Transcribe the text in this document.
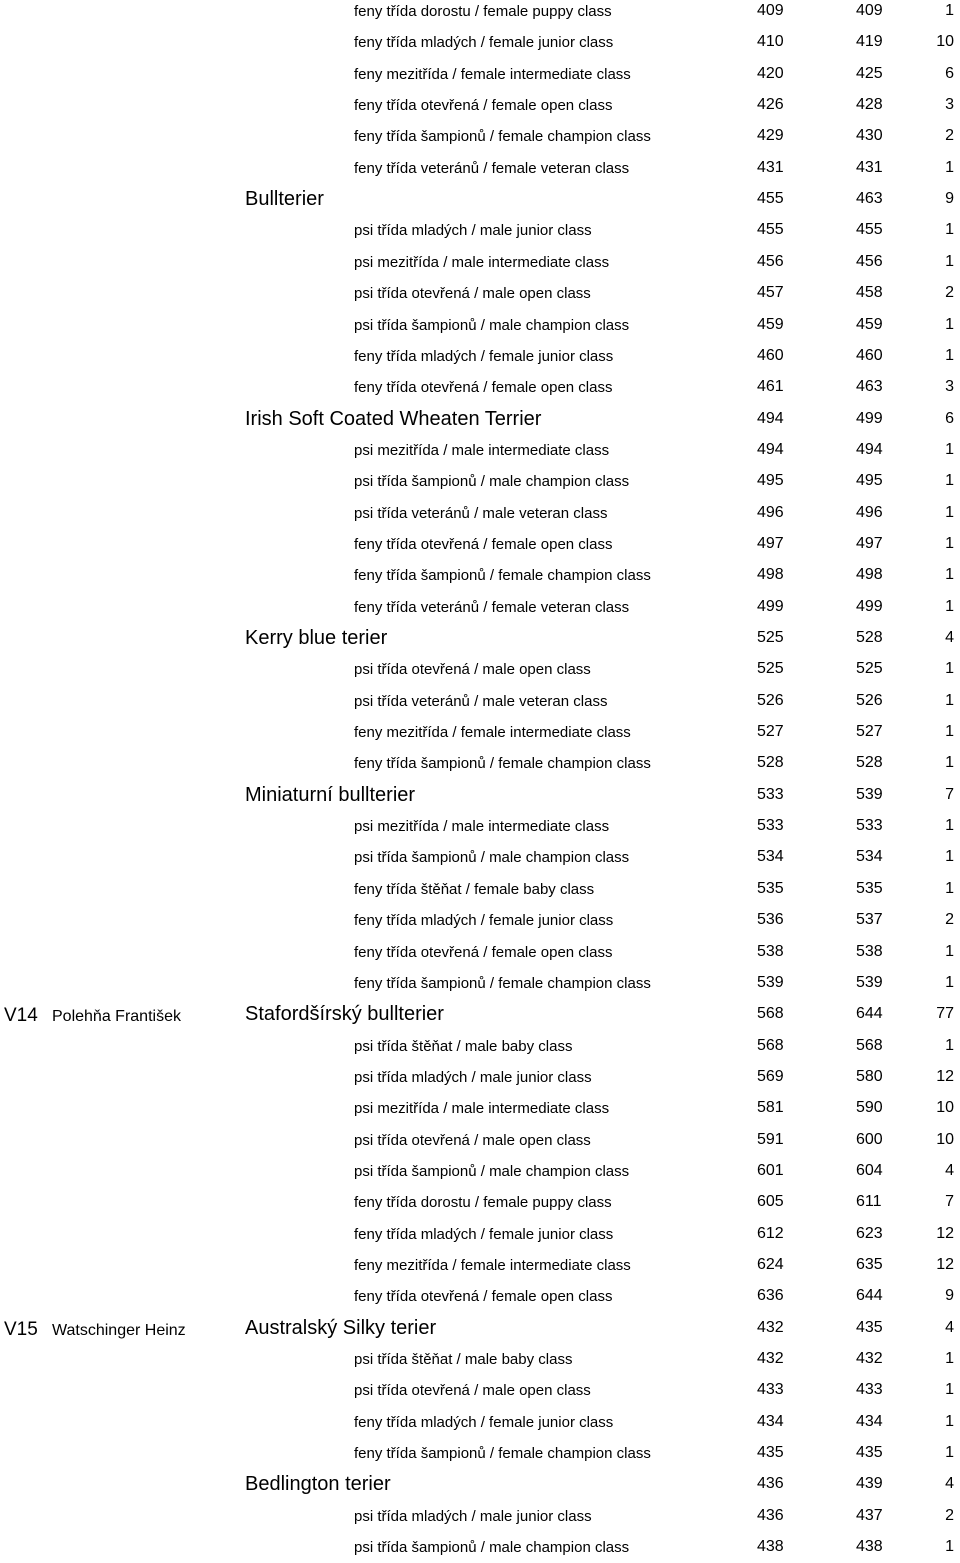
feny třída dorostu / female puppy class	409	409	1
feny třída mladých / female junior class	410	419	10
feny mezitřída / female intermediate class	420	425	6
feny třída otevřená / female open class	426	428	3
feny třída šampionů / female champion class	429	430	2
feny třída veteránů / female veteran class	431	431	1
Bullterier	455	463	9
psi třída mladých / male junior class	455	455	1
psi mezitřída / male intermediate class	456	456	1
psi třída otevřená / male open class	457	458	2
psi třída šampionů / male champion class	459	459	1
feny třída mladých / female junior class	460	460	1
feny třída otevřená / female open class	461	463	3
Irish Soft Coated Wheaten Terrier	494	499	6
psi mezitřída / male intermediate class	494	494	1
psi třída šampionů / male champion class	495	495	1
psi třída veteránů / male veteran class	496	496	1
feny třída otevřená / female open class	497	497	1
feny třída šampionů / female champion class	498	498	1
feny třída veteránů / female veteran class	499	499	1
Kerry blue terier	525	528	4
psi třída otevřená / male open class	525	525	1
psi třída veteránů / male veteran class	526	526	1
feny mezitřída / female intermediate class	527	527	1
feny třída šampionů / female champion class	528	528	1
Miniaturní bullterier	533	539	7
psi mezitřída / male intermediate class	533	533	1
psi třída šampionů / male champion class	534	534	1
feny třída štěňat / female baby class	535	535	1
feny třída mladých / female junior class	536	537	2
feny třída otevřená / female open class	538	538	1
feny třída šampionů / female champion class	539	539	1
V14 Polehňa František	Stafordšírský bullterier	568	644	77
psi třída štěňat / male baby class	568	568	1
psi třída mladých / male junior class	569	580	12
psi mezitřída / male intermediate class	581	590	10
psi třída otevřená / male open class	591	600	10
psi třída šampionů / male champion class	601	604	4
feny třída dorostu / female puppy class	605	611	7
feny třída mladých / female junior class	612	623	12
feny mezitřída / female intermediate class	624	635	12
feny třída otevřená / female open class	636	644	9
V15 Watschinger Heinz	Australský Silky terier	432	435	4
psi třída štěňat / male baby class	432	432	1
psi třída otevřená / male open class	433	433	1
feny třída mladých / female junior class	434	434	1
feny třída šampionů / female champion class	435	435	1
Bedlington terier	436	439	4
psi třída mladých / male junior class	436	437	2
psi třída šampionů / male champion class	438	438	1
